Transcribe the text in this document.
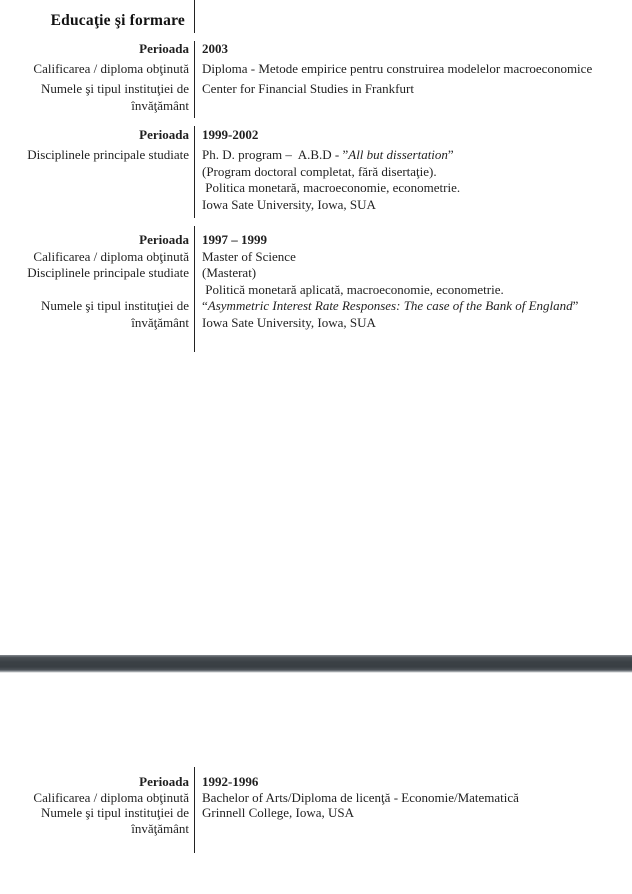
Educaţie şi formare
Perioada	2003
Calificarea / diploma obţinută	Diploma - Metode empirice pentru construirea modelelor macroeconomice
Numele şi tipul instituţiei de	Center for Financial Studies in Frankfurt
învăţământ
Perioada	1999-2002
Disciplinele principale studiate	Ph. D. program –  A.B.D - ”All but dissertation”
(Program doctoral completat, fără disertaţie).
Politica monetară, macroeconomie, econometrie.
Iowa Sate University, Iowa, SUA
Perioada	1997 – 1999
Calificarea / diploma obţinută	Master of Science
Disciplinele principale studiate	(Masterat)
Politică monetară aplicată, macroeconomie, econometrie.
Numele şi tipul instituţiei de	“Asymmetric Interest Rate Responses: The case of the Bank of England”
învăţământ	Iowa Sate University, Iowa, SUA
Perioada	1992-1996
Calificarea / diploma obţinută	Bachelor of Arts/Diploma de licenţă - Economie/Matematică
Numele şi tipul instituţiei de	Grinnell College, Iowa, USA
învăţământ
